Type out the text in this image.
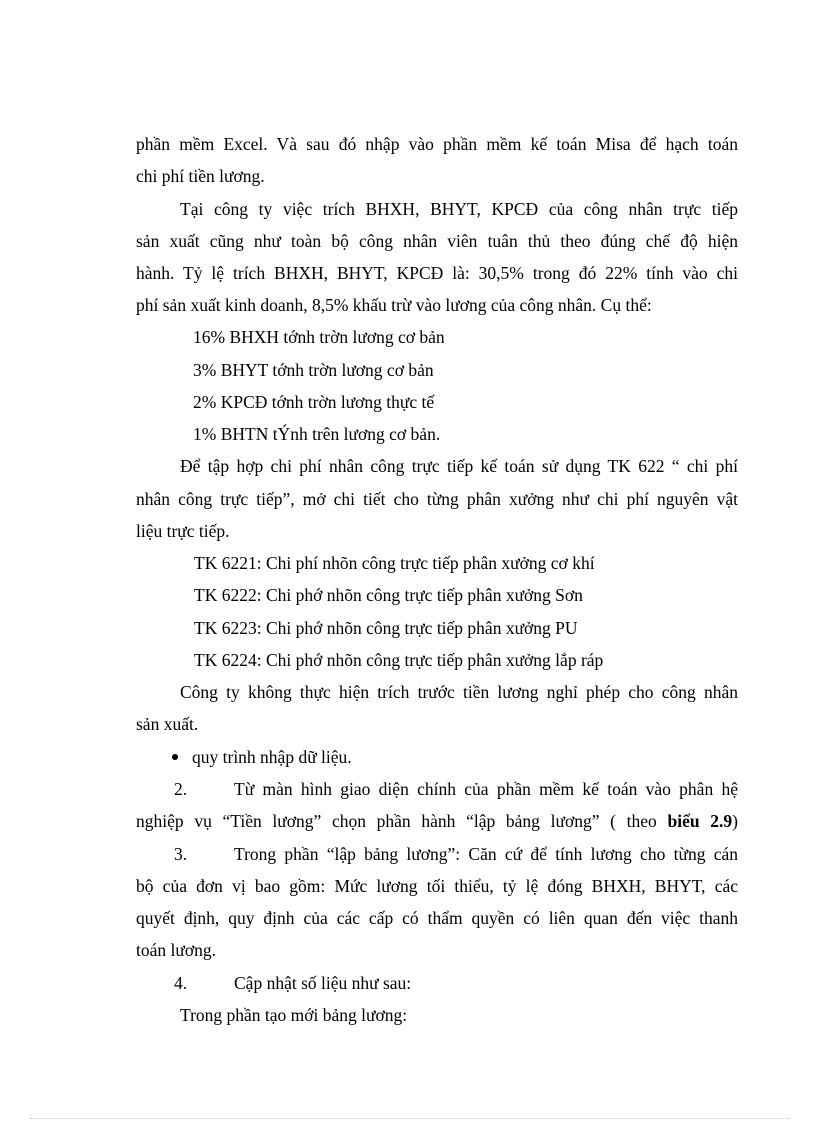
phần mềm Excel. Và sau đó nhập vào phần mềm kế toán Misa để hạch toán
chi phí tiền lương.
Tại công ty việc trích BHXH, BHYT, KPCĐ của công nhân trực tiếp
sản xuất cũng như toàn bộ công nhân viên tuân thủ theo đúng chế độ hiện
hành. Tỷ lệ trích BHXH, BHYT, KPCĐ là: 30,5% trong đó 22% tính vào chi
phí sản xuất kinh doanh, 8,5% khấu trừ vào lương của công nhân. Cụ thể:
16% BHXH tớnh trờn lương cơ bản
3% BHYT tớnh trờn lương cơ bản
2% KPCĐ tớnh trờn lương thực tế
1% BHTN tÝnh trên lương cơ bản.
Để tập hợp chi phí nhân công trực tiếp kế toán sử dụng TK 622 “ chi phí
nhân công trực tiếp”, mở chi tiết cho từng phân xưởng như chi phí nguyên vật
liệu trực tiếp.
TK 6221: Chi phí nhõn công trực tiếp phân xưởng cơ khí
TK 6222: Chi phớ nhõn công trực tiếp phân xưởng Sơn
TK 6223: Chi phớ nhõn công trực tiếp phân xưởng PU
TK 6224: Chi phớ nhõn công trực tiếp phân xưởng lắp ráp
Công ty không thực hiện trích trước tiền lương nghỉ phép cho công nhân
sản xuất.
quy trình nhập dữ liệu.
2.	Từ màn hình giao diện chính của phần mềm kế toán vào phân hệ
nghiệp vụ “Tiền lương” chọn phần hành “lập bảng lương” ( theo biểu 2.9)
3.	Trong phần “lập bảng lương”: Căn cứ để tính lương cho từng cán
bộ của đơn vị bao gồm: Mức lương tối thiểu, tỷ lệ đóng BHXH, BHYT, các
quyết định, quy định của các cấp có thẩm quyền có liên quan đến việc thanh
toán lương.
4.	Cập nhật số liệu như sau:
Trong phần tạo mới bảng lương:
